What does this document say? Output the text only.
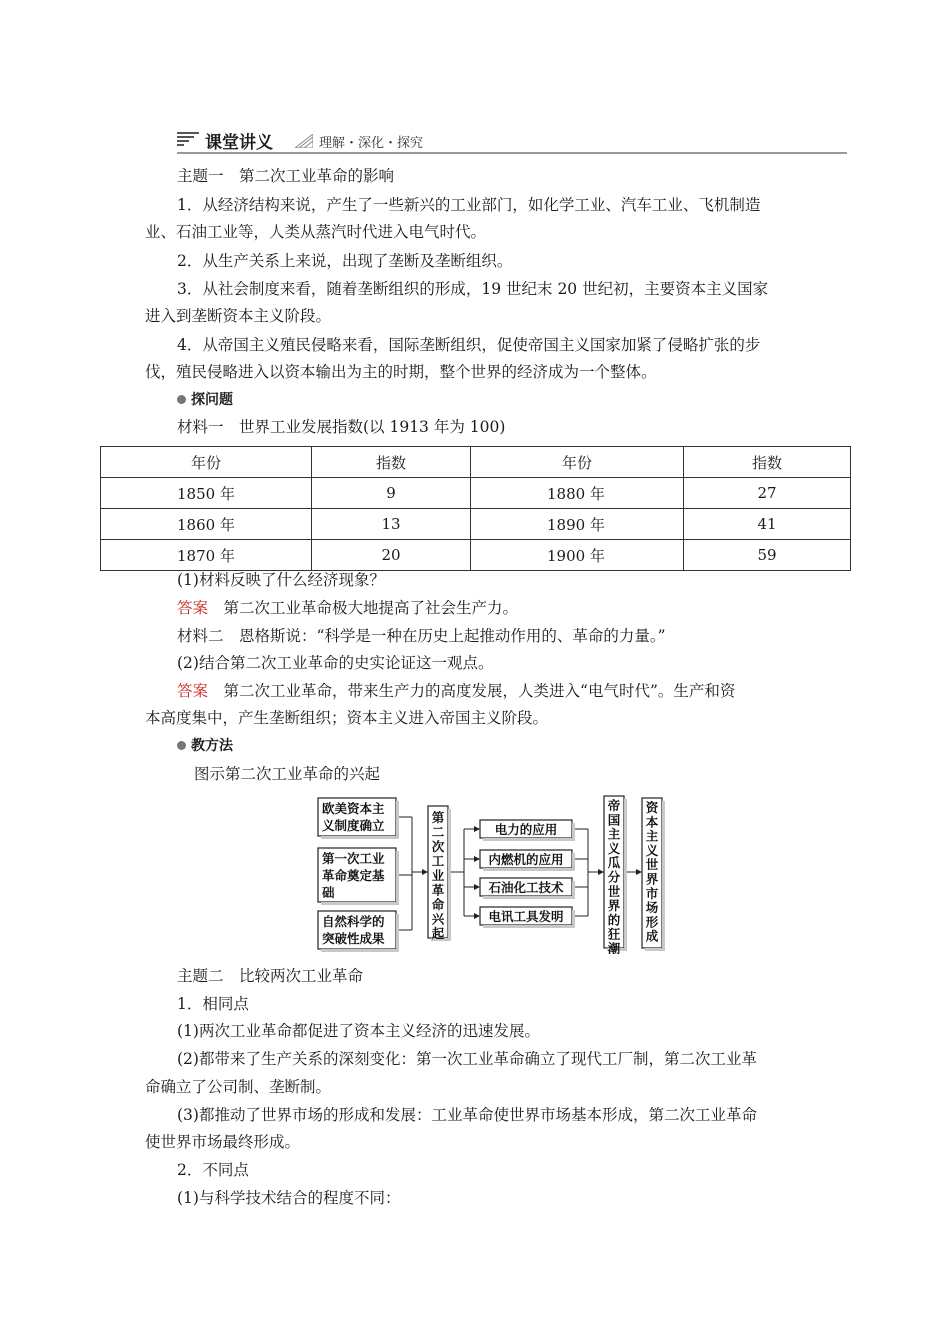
课堂讲义	理解・深化・探究
主题一　第二次工业革命的影响
1．从经济结构来说，产生了一些新兴的工业部门，如化学工业、汽车工业、飞机制造
业、石油工业等，人类从蒸汽时代进入电气时代。
2．从生产关系上来说，出现了垄断及垄断组织。
3．从社会制度来看，随着垄断组织的形成，19 世纪末 20 世纪初，主要资本主义国家
进入到垄断资本主义阶段。
4．从帝国主义殖民侵略来看，国际垄断组织，促使帝国主义国家加紧了侵略扩张的步
伐，殖民侵略进入以资本输出为主的时期，整个世界的经济成为一个整体。
探问题
材料一　世界工业发展指数(以 1913 年为 100)
年份	指数	年份	指数
1850 年	9	1880 年	27
1860 年	13	1890 年	41
1870 年	20	1900 年	59
(1)材料反映了什么经济现象？
答案　第二次工业革命极大地提高了社会生产力。
材料二　恩格斯说：“科学是一种在历史上起推动作用的、革命的力量。”
(2)结合第二次工业革命的史实论证这一观点。
答案　第二次工业革命，带来生产力的高度发展，人类进入“电气时代”。生产和资
本高度集中，产生垄断组织；资本主义进入帝国主义阶段。
教方法
图示第二次工业革命的兴起
欧美资本主
义制度确立
第一次工业
革命奠定基
础
自然科学的
突破性成果
第
二
次
工
业
革
命
兴
起
电力的应用
内燃机的应用
石油化工技术
电讯工具发明
帝
国
主
义
瓜
分
世
界
的
狂
潮
资
本
主
义
世
界
市
场
形
成
主题二　比较两次工业革命
1．相同点
(1)两次工业革命都促进了资本主义经济的迅速发展。
(2)都带来了生产关系的深刻变化：第一次工业革命确立了现代工厂制，第二次工业革
命确立了公司制、垄断制。
(3)都推动了世界市场的形成和发展：工业革命使世界市场基本形成，第二次工业革命
使世界市场最终形成。
2．不同点
(1)与科学技术结合的程度不同：
